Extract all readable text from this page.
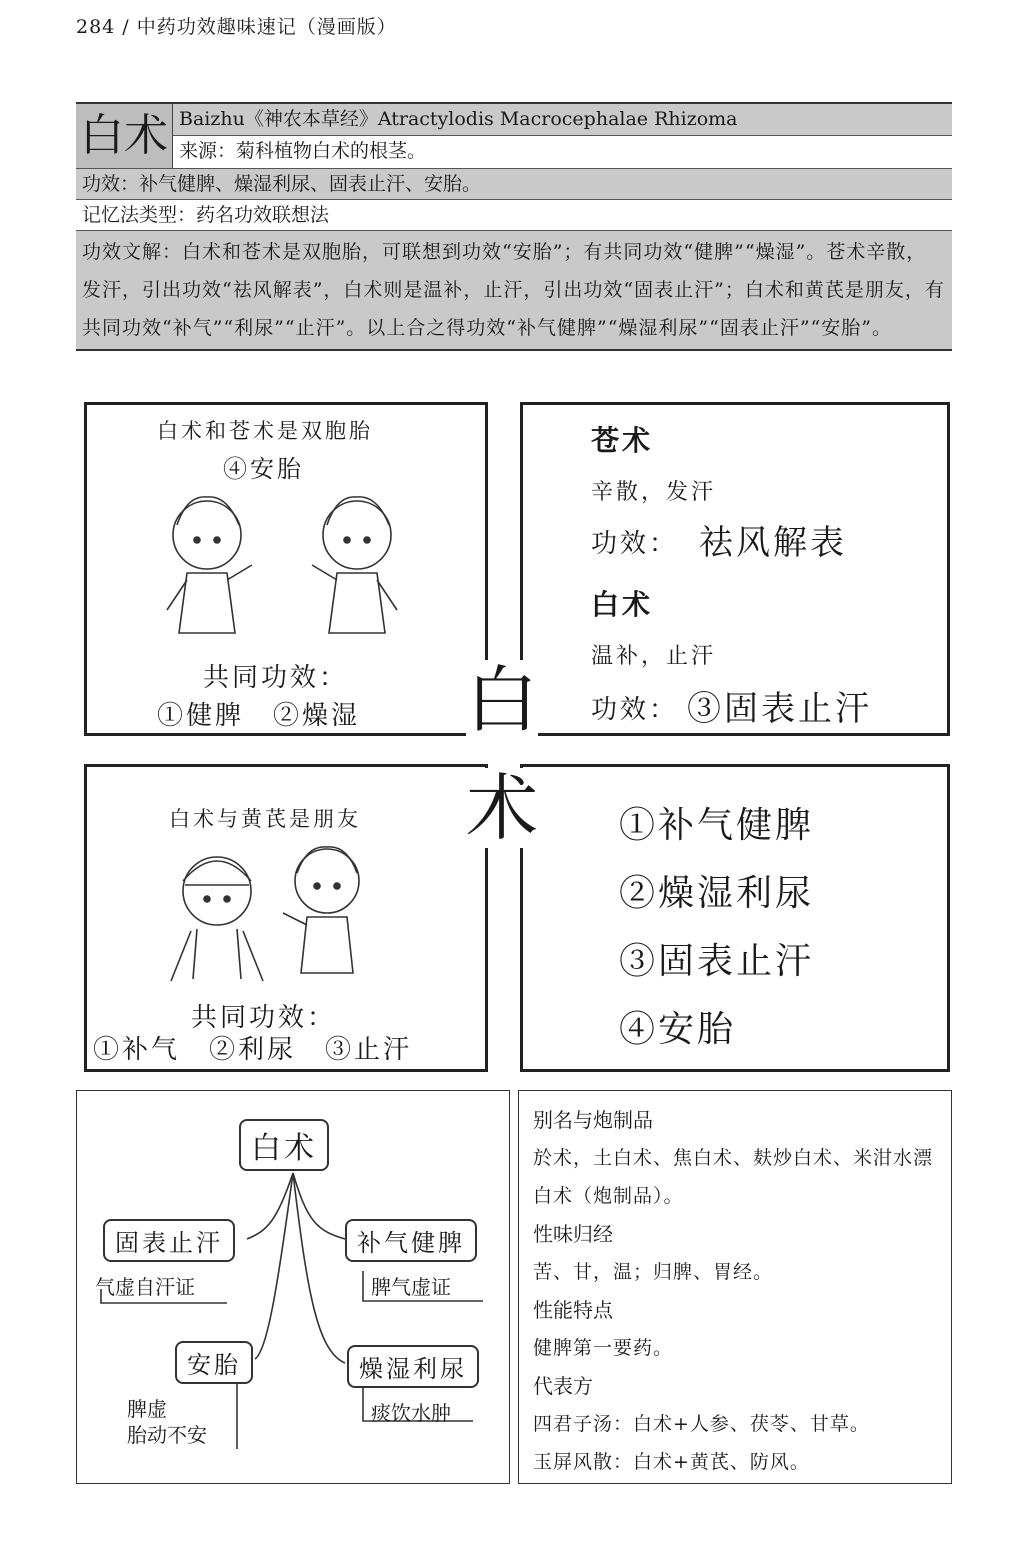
284 / 中药功效趣味速记（漫画版）
白术 Baizhu《神农本草经》Atractylodis Macrocephalae Rhizoma
来源：菊科植物白术的根茎。
功效：补气健脾、燥湿利尿、固表止汗、安胎。
记忆法类型：药名功效联想法
功效文解：白术和苍术是双胞胎，可联想到功效“安胎”；有共同功效“健脾”“燥湿”。苍术辛散，发汗，引出功效“祛风解表”，白术则是温补，止汗，引出功效“固表止汗”；白术和黄芪是朋友，有共同功效“补气”“利尿”“止汗”。以上合之得功效“补气健脾”“燥湿利尿”“固表止汗”“安胎”。
白术和苍术是双胞胎
④安胎
共同功效：
①健脾　②燥湿
苍术
辛散，发汗
功效： 祛风解表
白术
温补，止汗
功效： ③固表止汗
白术与黄芪是朋友
共同功效：
①补气　②利尿　③止汗
①补气健脾
②燥湿利尿
③固表止汗
④安胎
白
术
白术
固表止汗
气虚自汗证
补气健脾
脾气虚证
安胎
脾虚
胎动不安
燥湿利尿
痰饮水肿
别名与炮制品
於术，土白术、焦白术、麸炒白术、米泔水漂白术（炮制品）。
性味归经
苦、甘，温；归脾、胃经。
性能特点
健脾第一要药。
代表方
四君子汤：白术+人参、茯苓、甘草。
玉屏风散：白术+黄芪、防风。
